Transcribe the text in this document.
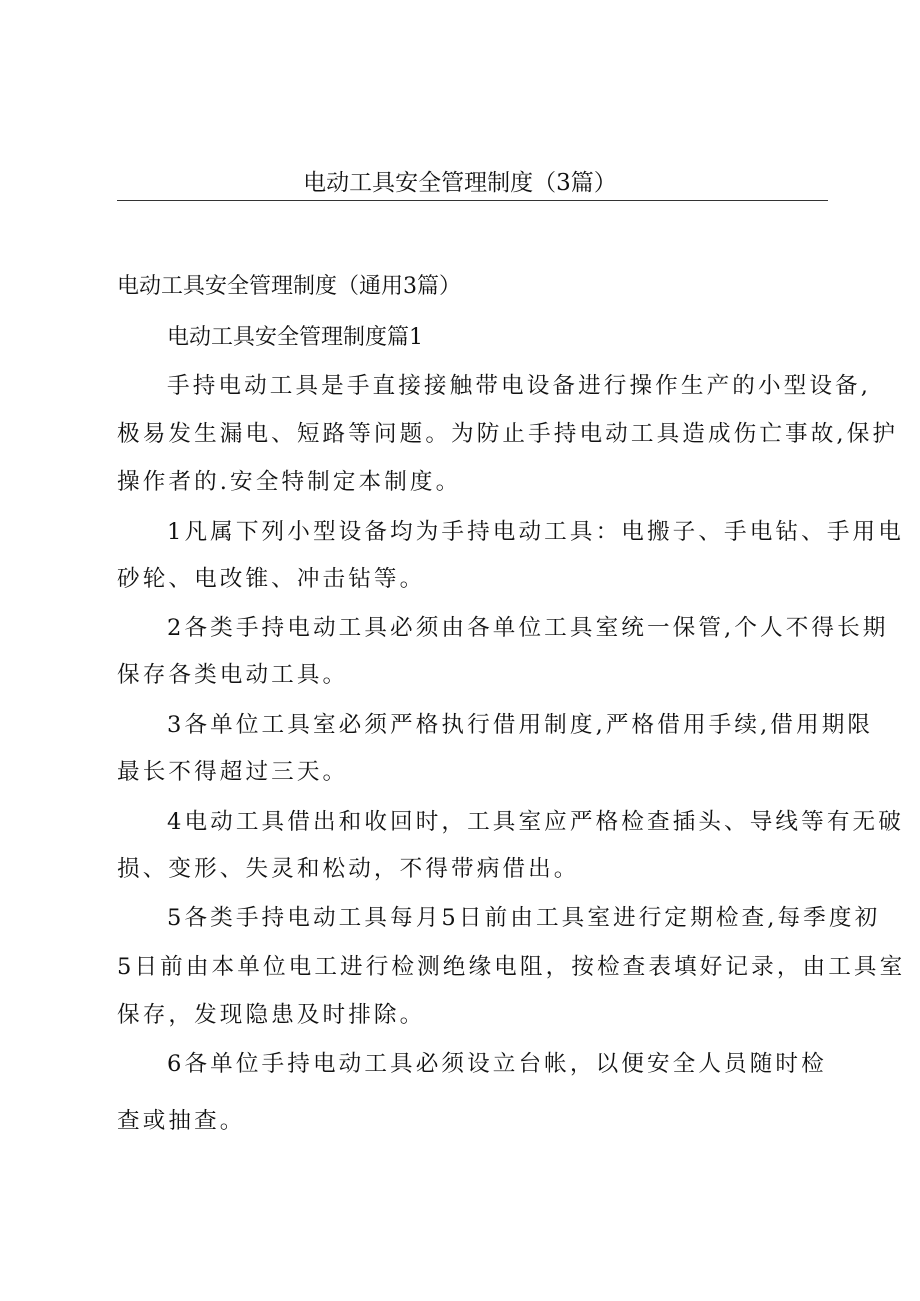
电动工具安全管理制度（3篇）
电动工具安全管理制度（通用3篇）
电动工具安全管理制度篇1
手持电动工具是手直接接触带电设备进行操作生产的小型设备,
极易发生漏电、短路等问题。为防止手持电动工具造成伤亡事故,保护
操作者的.安全特制定本制度。
1凡属下列小型设备均为手持电动工具：电搬子、手电钻、手用电
砂轮、电改锥、冲击钻等。
2各类手持电动工具必须由各单位工具室统一保管,个人不得长期
保存各类电动工具。
3各单位工具室必须严格执行借用制度,严格借用手续,借用期限
最长不得超过三天。
4电动工具借出和收回时，工具室应严格检查插头、导线等有无破
损、变形、失灵和松动，不得带病借出。
5各类手持电动工具每月5日前由工具室进行定期检查,每季度初
5日前由本单位电工进行检测绝缘电阻，按检查表填好记录，由工具室
保存，发现隐患及时排除。
6各单位手持电动工具必须设立台帐，以便安全人员随时检
查或抽查。
